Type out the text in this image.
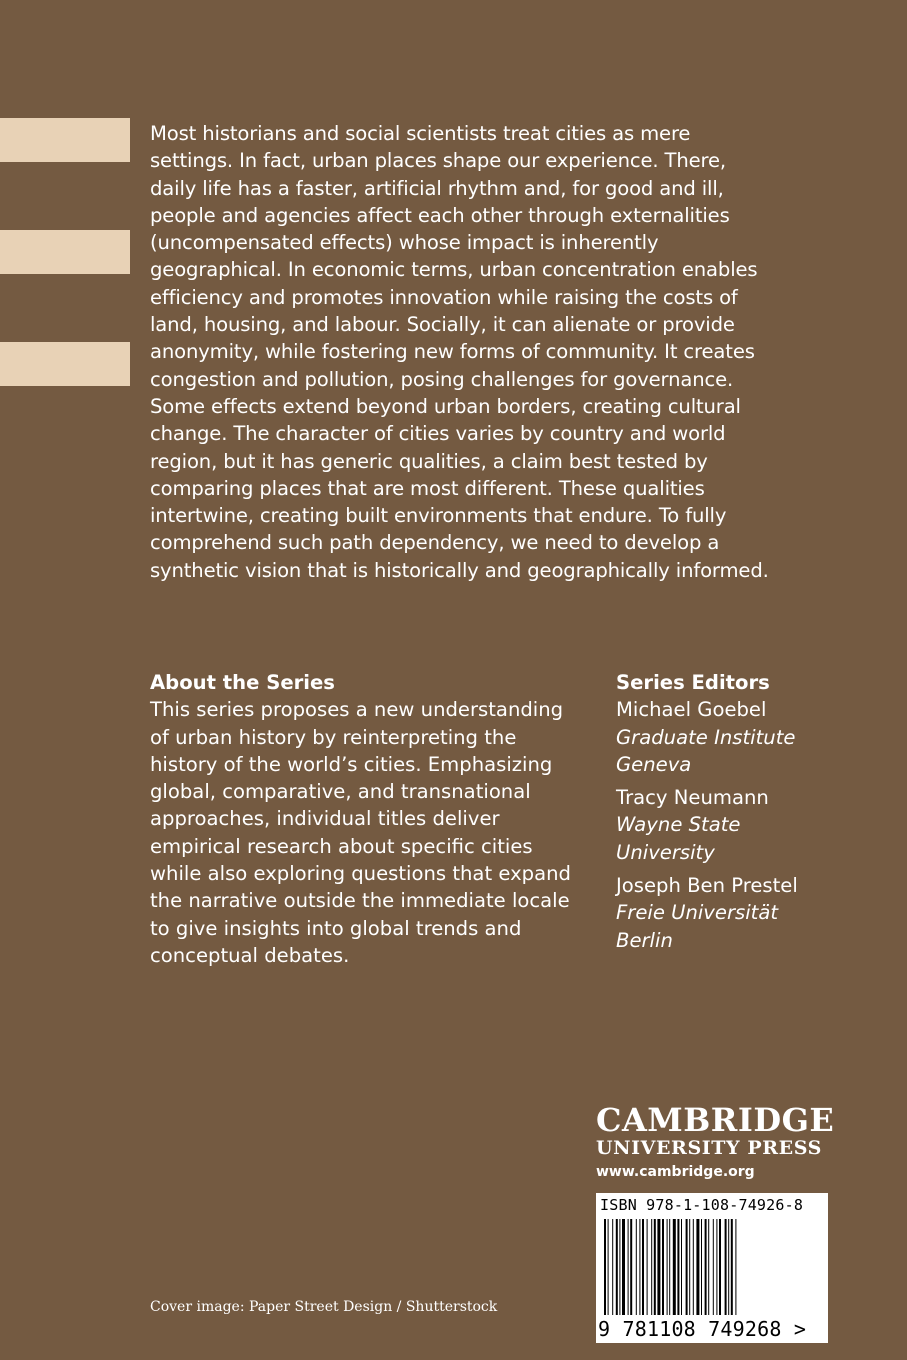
Most historians and social scientists treat cities as mere
settings. In fact, urban places shape our experience. There,
daily life has a faster, artificial rhythm and, for good and ill,
people and agencies affect each other through externalities
(uncompensated effects) whose impact is inherently
geographical. In economic terms, urban concentration enables
efficiency and promotes innovation while raising the costs of
land, housing, and labour. Socially, it can alienate or provide
anonymity, while fostering new forms of community. It creates
congestion and pollution, posing challenges for governance.
Some effects extend beyond urban borders, creating cultural
change. The character of cities varies by country and world
region, but it has generic qualities, a claim best tested by
comparing places that are most different. These qualities
intertwine, creating built environments that endure. To fully
comprehend such path dependency, we need to develop a
synthetic vision that is historically and geographically informed.
About the Series
This series proposes a new understanding
of urban history by reinterpreting the
history of the world’s cities. Emphasizing
global, comparative, and transnational
approaches, individual titles deliver
empirical research about specific cities
while also exploring questions that expand
the narrative outside the immediate locale
to give insights into global trends and
conceptual debates.
Series Editors
Michael Goebel
Graduate Institute
Geneva
Tracy Neumann
Wayne State
University
Joseph Ben Prestel
Freie Universität
Berlin
CAMBRIDGE
UNIVERSITY PRESS
www.cambridge.org
ISBN 978-1-108-74926-8
9 781108 749268 >
Cover image: Paper Street Design / Shutterstock
